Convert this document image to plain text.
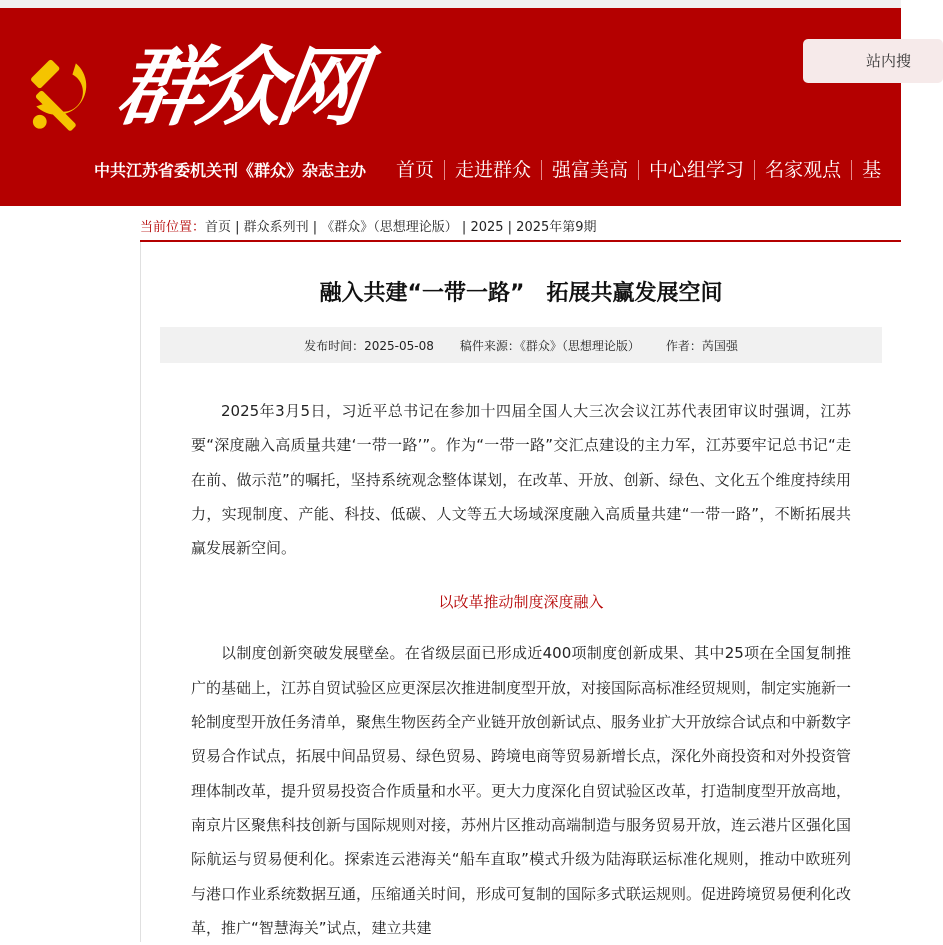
群众网	站内搜
中共江苏省委机关刊《群众》杂志主办	首页	走进群众	强富美高	中心组学习	名家观点	基
当前位置：首页 | 群众系列刊 | 《群众》（思想理论版） | 2025 | 2025年第9期
融入共建“一带一路”　拓展共赢发展空间
发布时间：2025-05-08 稿件来源：《群众》（思想理论版） 作者：芮国强

2025年3月5日，习近平总书记在参加十四届全国人大三次会议江苏代表团审议时强调，江苏要“深度融入高质量共建‘一带一路’”。作为“一带一路”交汇点建设的主力军，江苏要牢记总书记“走在前、做示范”的嘱托，坚持系统观念整体谋划，在改革、开放、创新、绿色、文化五个维度持续用力，实现制度、产能、科技、低碳、人文等五大场域深度融入高质量共建“一带一路”，不断拓展共赢发展新空间。

以改革推动制度深度融入

以制度创新突破发展壁垒。在省级层面已形成近400项制度创新成果、其中25项在全国复制推广的基础上，江苏自贸试验区应更深层次推进制度型开放，对接国际高标准经贸规则，制定实施新一轮制度型开放任务清单，聚焦生物医药全产业链开放创新试点、服务业扩大开放综合试点和中新数字贸易合作试点，拓展中间品贸易、绿色贸易、跨境电商等贸易新增长点，深化外商投资和对外投资管理体制改革，提升贸易投资合作质量和水平。更大力度深化自贸试验区改革，打造制度型开放高地，南京片区聚焦科技创新与国际规则对接，苏州片区推动高端制造与服务贸易开放，连云港片区强化国际航运与贸易便利化。探索连云港海关“船车直取”模式升级为陆海联运标准化规则，推动中欧班列与港口作业系统数据互通，压缩通关时间，形成可复制的国际多式联运规则。促进跨境贸易便利化改革，推广“智慧海关”试点，建立共建
